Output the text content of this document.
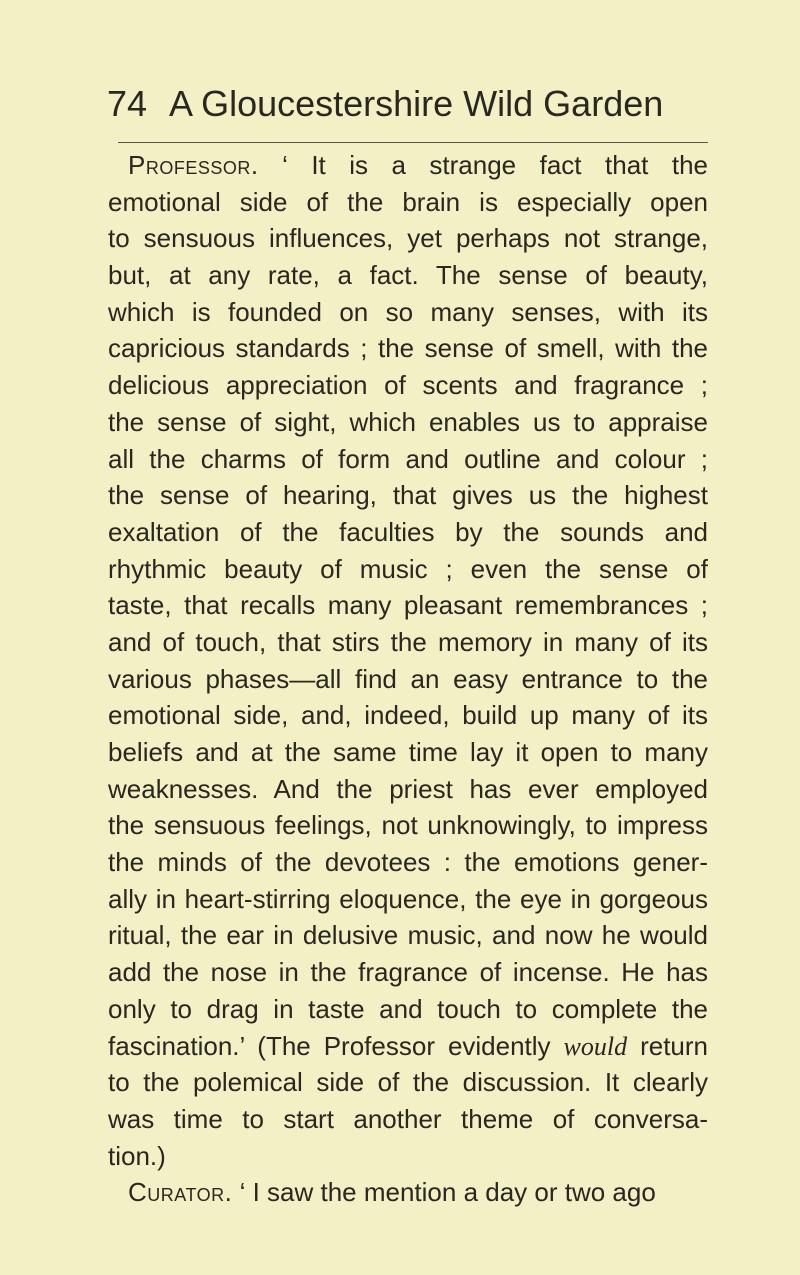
74 A Gloucestershire Wild Garden
Professor. ‘ It is a strange fact that the
emotional side of the brain is especially open
to sensuous influences, yet perhaps not strange,
but, at any rate, a fact. The sense of beauty,
which is founded on so many senses, with its
capricious standards ; the sense of smell, with the
delicious appreciation of scents and fragrance ;
the sense of sight, which enables us to appraise
all the charms of form and outline and colour ;
the sense of hearing, that gives us the highest
exaltation of the faculties by the sounds and
rhythmic beauty of music ; even the sense of
taste, that recalls many pleasant remembrances ;
and of touch, that stirs the memory in many of its
various phases—all find an easy entrance to the
emotional side, and, indeed, build up many of its
beliefs and at the same time lay it open to many
weaknesses. And the priest has ever employed
the sensuous feelings, not unknowingly, to impress
the minds of the devotees : the emotions gener-
ally in heart-stirring eloquence, the eye in gorgeous
ritual, the ear in delusive music, and now he would
add the nose in the fragrance of incense. He has
only to drag in taste and touch to complete the
fascination.’ (The Professor evidently would return
to the polemical side of the discussion. It clearly
was time to start another theme of conversa-
tion.)
Curator. ‘ I saw the mention a day or two ago
